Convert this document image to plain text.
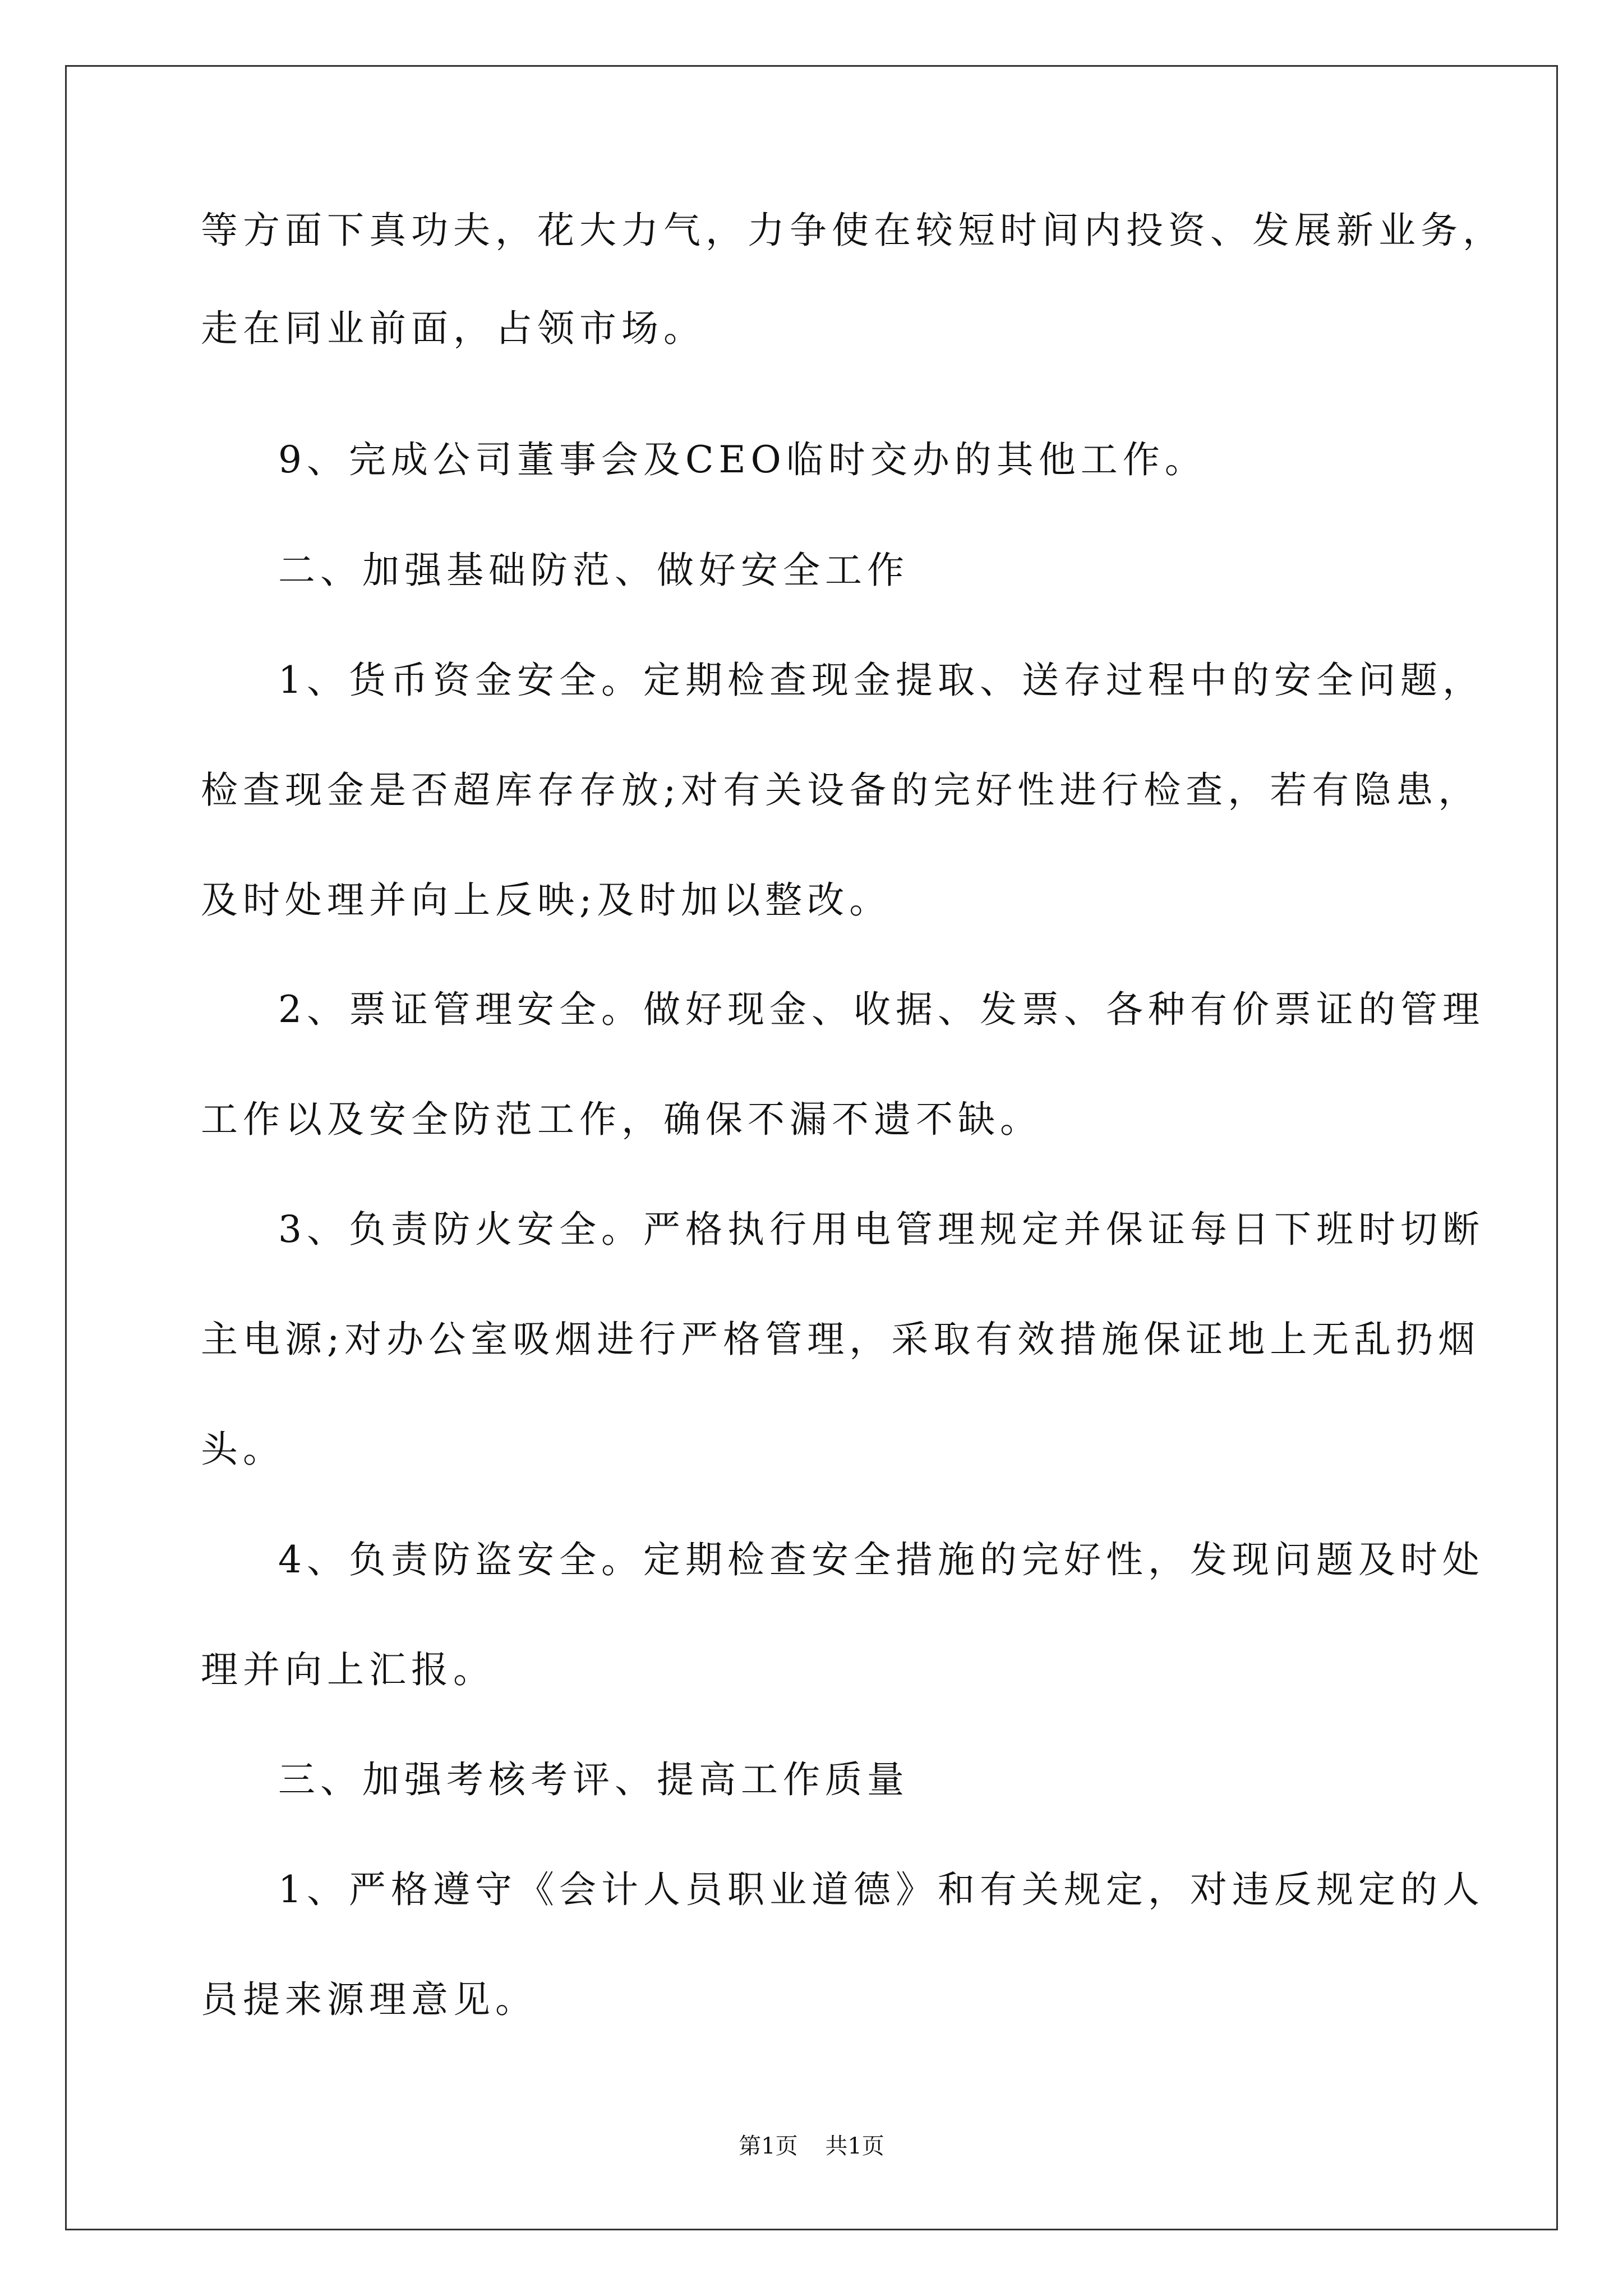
等方面下真功夫，花大力气，力争使在较短时间内投资、发展新业务，
走在同业前面，占领市场。
9、完成公司董事会及CEO临时交办的其他工作。
二、加强基础防范、做好安全工作
1、货币资金安全。定期检查现金提取、送存过程中的安全问题，
检查现金是否超库存存放;对有关设备的完好性进行检查，若有隐患，
及时处理并向上反映;及时加以整改。
2、票证管理安全。做好现金、收据、发票、各种有价票证的管理
工作以及安全防范工作，确保不漏不遗不缺。
3、负责防火安全。严格执行用电管理规定并保证每日下班时切断
主电源;对办公室吸烟进行严格管理，采取有效措施保证地上无乱扔烟
头。
4、负责防盗安全。定期检查安全措施的完好性，发现问题及时处
理并向上汇报。
三、加强考核考评、提高工作质量
1、严格遵守《会计人员职业道德》和有关规定，对违反规定的人
员提来源理意见。
第1页 共1页
